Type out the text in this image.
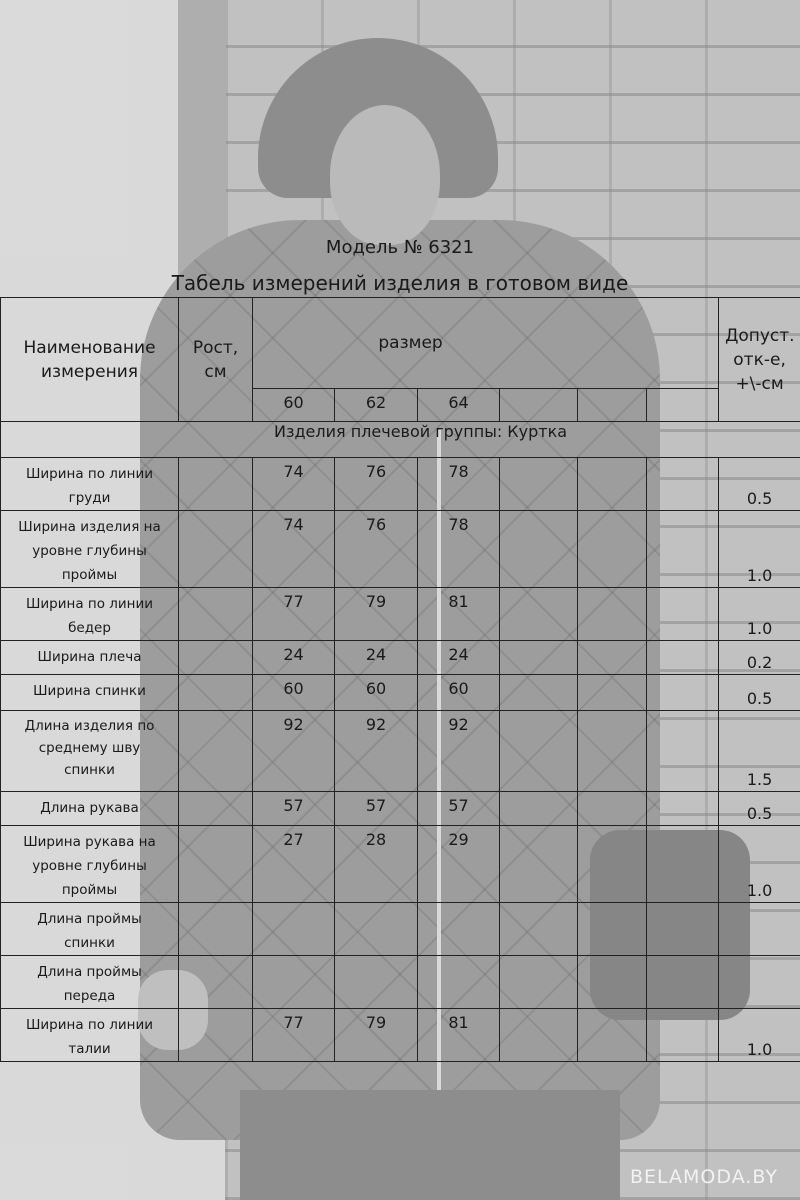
Модель № 6321
Табель измерений изделия в готовом виде
Наименование измерения	Рост, см	размер						Допуст. отк-е, +\-см
		60	62	64				
Изделия плечевой группы: Куртка								
Ширина по линии груди		74	76	78				0.5
Ширина изделия на уровне глубины проймы		74	76	78				1.0
Ширина по линии бедер		77	79	81				1.0
Ширина плеча		24	24	24				0.2
Ширина спинки		60	60	60				0.5
Длина изделия по среднему шву спинки		92	92	92				1.5
Длина рукава		57	57	57				0.5
Ширина рукава на уровне глубины проймы		27	28	29				1.0
Длина проймы спинки								
Длина проймы переда								
Ширина по линии талии		77	79	81				1.0
BELAMODA.BY
